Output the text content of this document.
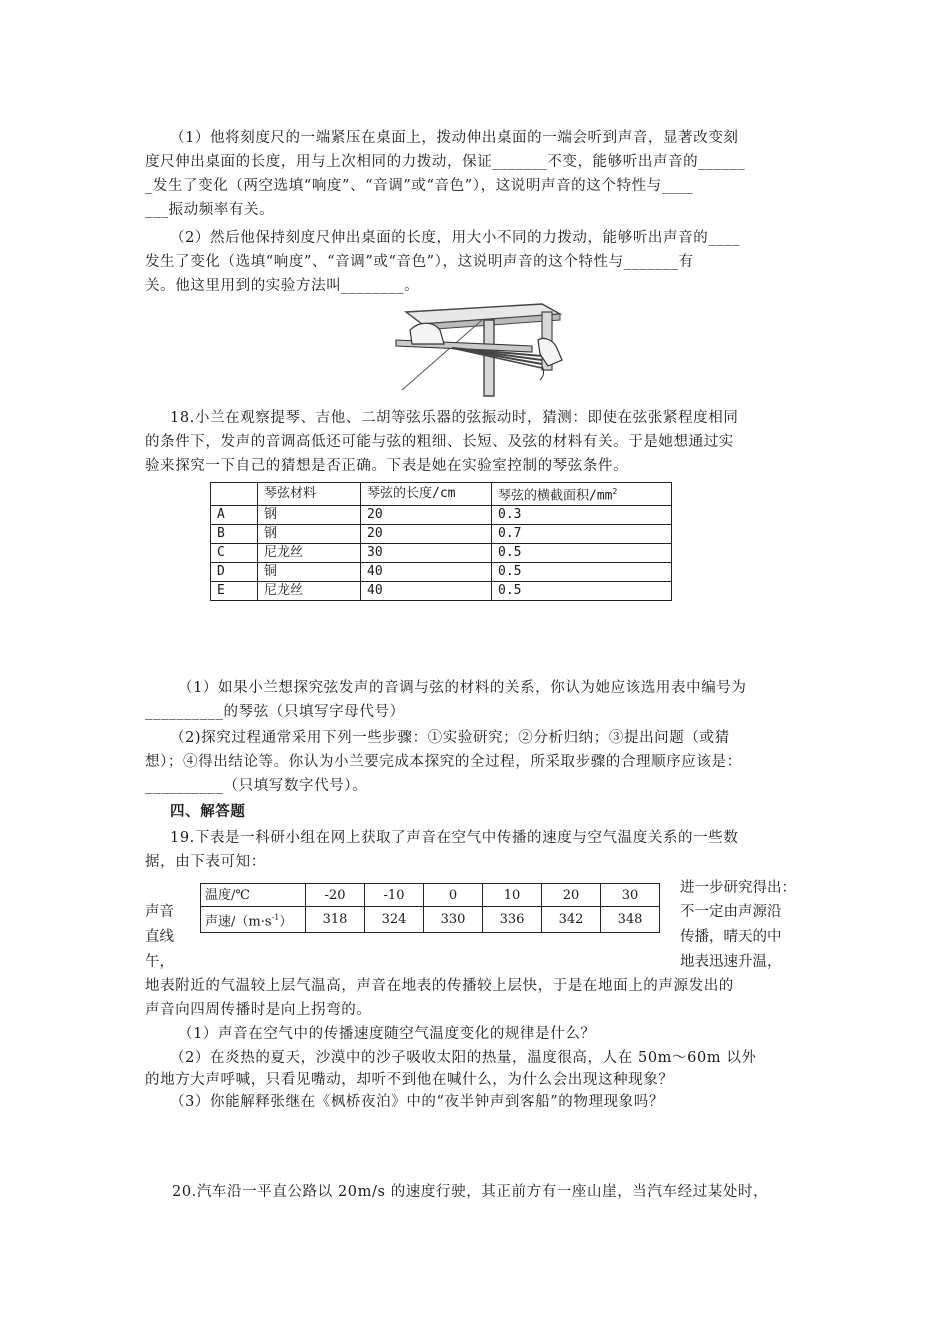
（1）他将刻度尺的一端紧压在桌面上，拨动伸出桌面的一端会听到声音，显著改变刻
度尺伸出桌面的长度，用与上次相同的力拨动，保证_______不变，能够听出声音的______
_发生了变化（两空选填“响度”、“音调”或“音色”），这说明声音的这个特性与____
___振动频率有关。
（2）然后他保持刻度尺伸出桌面的长度，用大小不同的力拨动，能够听出声音的____
发生了变化（选填“响度”、“音调”或“音色”），这说明声音的这个特性与_______有
关。他这里用到的实验方法叫________。
18.小兰在观察提琴、吉他、二胡等弦乐器的弦振动时，猜测：即使在弦张紧程度相同
的条件下，发声的音调高低还可能与弦的粗细、长短、及弦的材料有关。于是她想通过实
验来探究一下自己的猜想是否正确。下表是她在实验室控制的琴弦条件。
	琴弦材料	琴弦的长度/cm	琴弦的横截面积$/mm^2$
A	钢	20	0.3
B	钢	20	0.7
C	尼龙丝	30	0.5
D	铜	40	0.5
E	尼龙丝	40	0.5
（1）如果小兰想探究弦发声的音调与弦的材料的关系，你认为她应该选用表中编号为
__________的琴弦（只填写字母代号）
（2)探究过程通常采用下列一些步骤：①实验研究；②分析归纳；③提出问题（或猜
想）；④得出结论等。你认为小兰要完成本探究的全过程，所采取步骤的合理顺序应该是：
__________（只填写数字代号）。
四、解答题
19.下表是一科研小组在网上获取了声音在空气中传播的速度与空气温度关系的一些数
据，由下表可知：
温度/℃	-20	-10	0	10	20	30
声速$/(m\cdot s^{-1})$	318	324	330	336	342	348
声音
直线
午，
进一步研究得出：
不一定由声源沿
传播，晴天的中
地表迅速升温，
地表附近的气温较上层气温高，声音在地表的传播较上层快，于是在地面上的声源发出的
声音向四周传播时是向上拐弯的。
（1）声音在空气中的传播速度随空气温度变化的规律是什么？
（2）在炎热的夏天，沙漠中的沙子吸收太阳的热量，温度很高，人在 50m～60m 以外
的地方大声呼喊，只看见嘴动，却听不到他在喊什么，为什么会出现这种现象？
（3）你能解释张继在《枫桥夜泊》中的“夜半钟声到客船”的物理现象吗？
20.汽车沿一平直公路以 20m/s 的速度行驶，其正前方有一座山崖，当汽车经过某处时，
